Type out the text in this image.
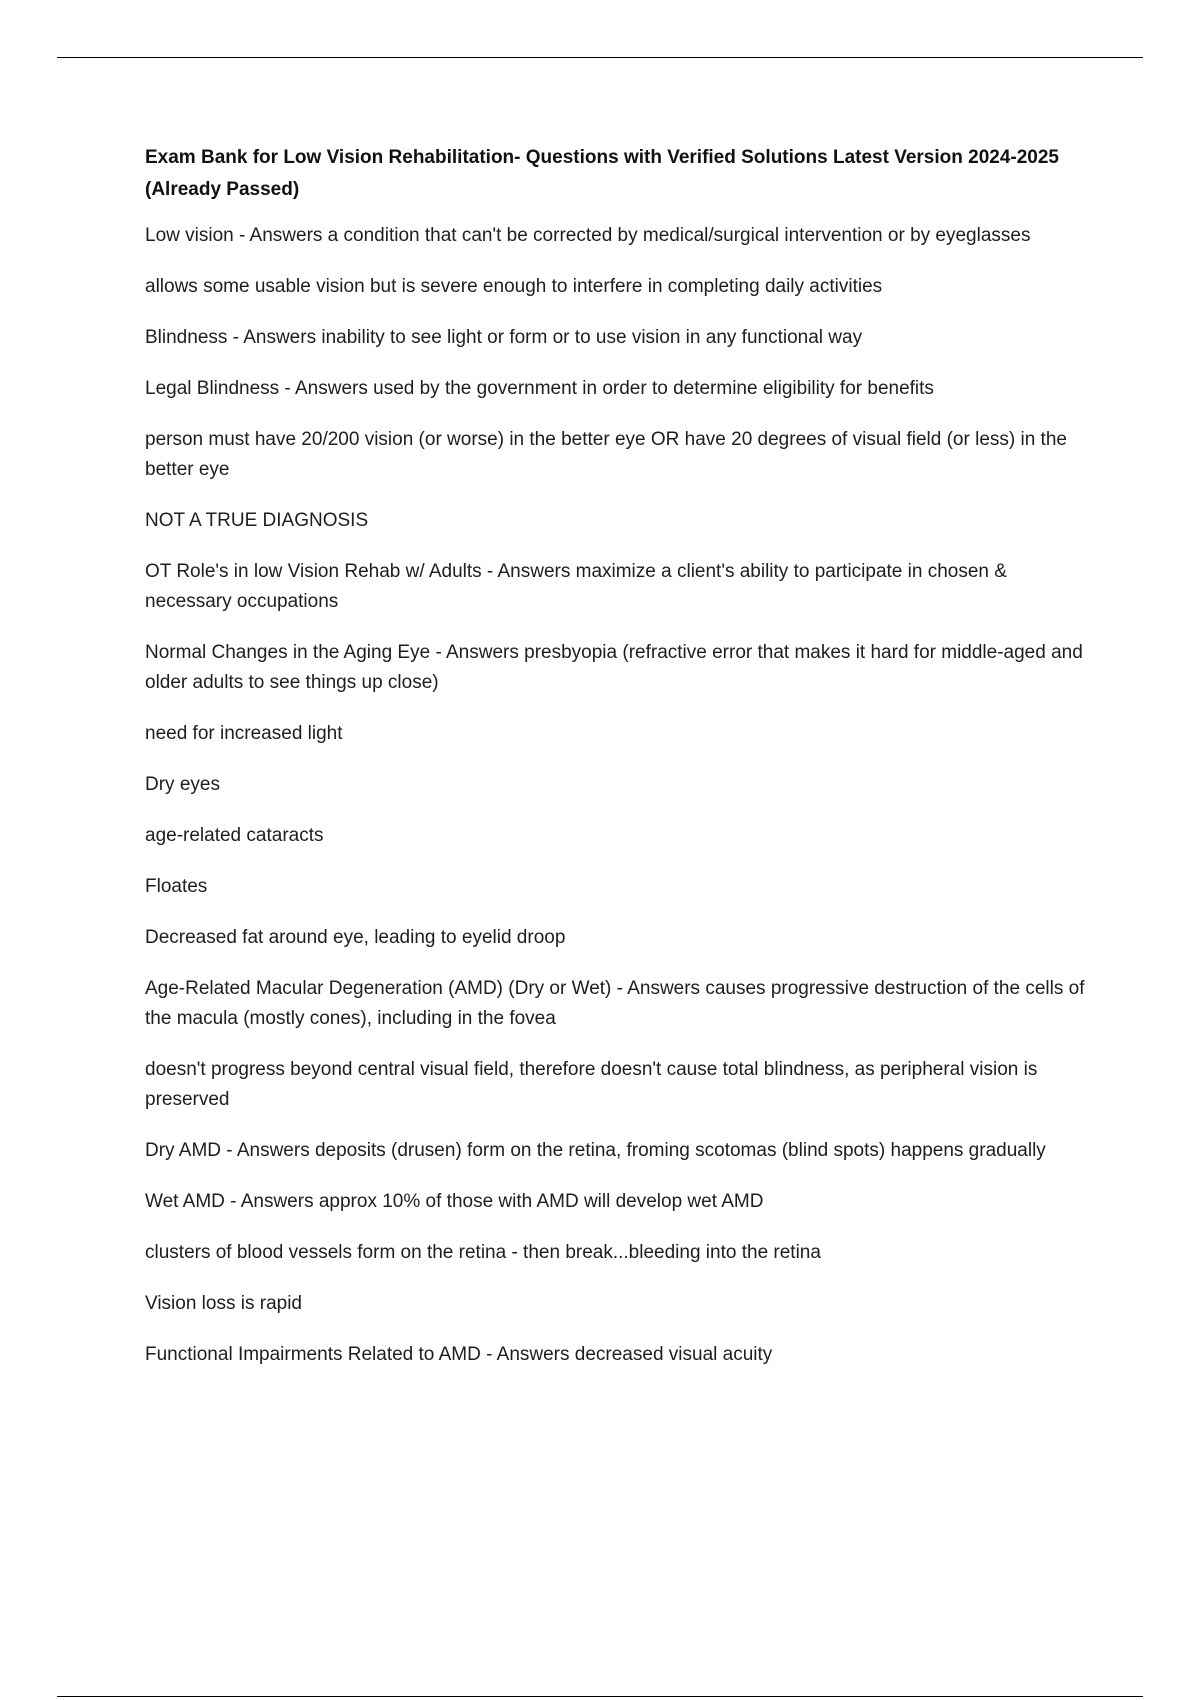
Exam Bank for Low Vision Rehabilitation- Questions with Verified Solutions Latest Version 2024-2025 (Already Passed)

Low vision - Answers a condition that can't be corrected by medical/surgical intervention or by eyeglasses

allows some usable vision but is severe enough to interfere in completing daily activities

Blindness - Answers inability to see light or form or to use vision in any functional way

Legal Blindness - Answers used by the government in order to determine eligibility for benefits

person must have 20/200 vision (or worse) in the better eye OR have 20 degrees of visual field (or less) in the better eye

NOT A TRUE DIAGNOSIS

OT Role's in low Vision Rehab w/ Adults - Answers maximize a client's ability to participate in chosen & necessary occupations

Normal Changes in the Aging Eye - Answers presbyopia (refractive error that makes it hard for middle-aged and older adults to see things up close)

need for increased light

Dry eyes

age-related cataracts

Floates

Decreased fat around eye, leading to eyelid droop

Age-Related Macular Degeneration (AMD) (Dry or Wet) - Answers causes progressive destruction of the cells of the macula (mostly cones), including in the fovea

doesn't progress beyond central visual field, therefore doesn't cause total blindness, as peripheral vision is preserved

Dry AMD - Answers deposits (drusen) form on the retina, froming scotomas (blind spots) happens gradually

Wet AMD - Answers approx 10% of those with AMD will develop wet AMD

clusters of blood vessels form on the retina - then break...bleeding into the retina

Vision loss is rapid

Functional Impairments Related to AMD - Answers decreased visual acuity
